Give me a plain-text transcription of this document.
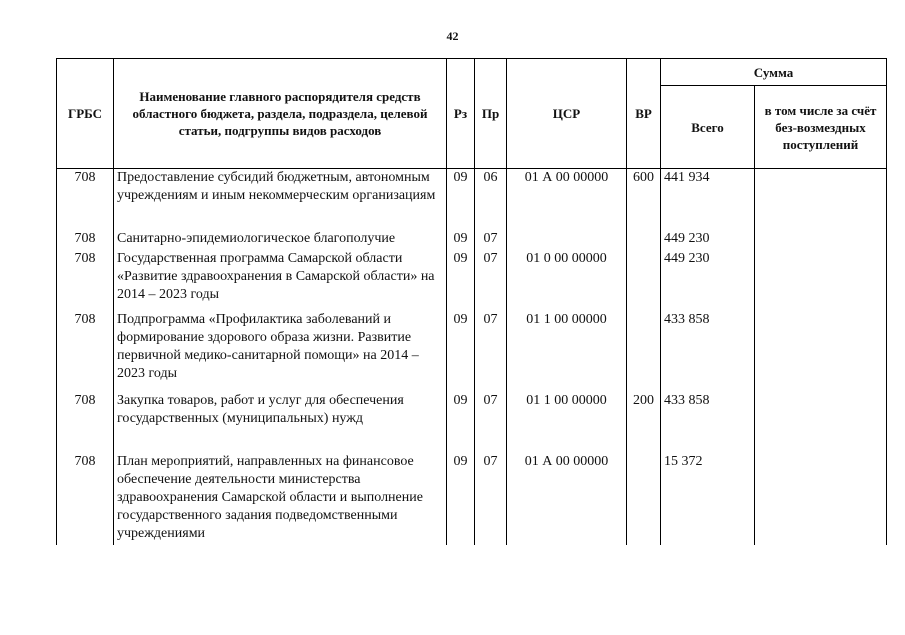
42
ГРБС	Наименование главного распорядителя средств областного бюджета, раздела, подраздела, целевой статьи, подгруппы видов расходов	Рз	Пр	ЦСР	ВР	Сумма	
						Всего	в том числе за счёт без-возмездных поступлений
708	Предоставление субсидий бюджетным, автономным учреждениям и иным некоммерческим организациям	09	06	01 А 00 00000	600	441 934	
708	Санитарно-эпидемиологическое благополучие	09	07			449 230	
708	Государственная программа Самарской области «Развитие здравоохранения в Самарской области» на 2014 – 2023 годы	09	07	01 0 00 00000		449 230	
708	Подпрограмма «Профилактика заболеваний и формирование здорового образа жизни. Развитие первичной медико-санитарной помощи» на 2014 – 2023 годы	09	07	01 1 00 00000		433 858	
708	Закупка товаров, работ и услуг для обеспечения государственных (муниципальных) нужд	09	07	01 1 00 00000	200	433 858	
708	План мероприятий, направленных на финансовое обеспечение деятельности министерства здравоохранения Самарской области и выполнение государственного задания подведомственными учреждениями	09	07	01 А 00 00000		15 372	
